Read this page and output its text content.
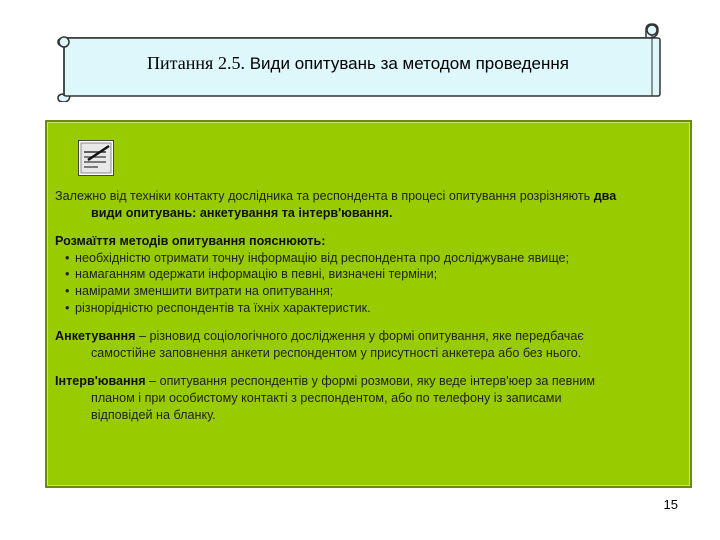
Питання 2.5. Види опитувань за методом проведення

Залежно від техніки контакту дослідника та респондента в процесі опитування розрізняють два

види опитувань: анкетування та інтерв'ювання.

Розмаїття методів опитування пояснюють:

• необхідністю отримати точну інформацію від респондента про досліджуване явище;
• намаганням одержати інформацію в певні, визначені терміни;
• намірами зменшити витрати на опитування;
• різнорідністю респондентів та їхніх характеристик.

Анкетування – різновид соціологічного дослідження у формі опитування, яке передбачає

самостійне заповнення анкети респондентом у присутності анкетера або без нього.

Інтерв'ювання – опитування респондентів у формі розмови, яку веде інтерв'юер за певним

планом і при особистому контакті з респондентом, або по телефону із записами

відповідей на бланку.

15
